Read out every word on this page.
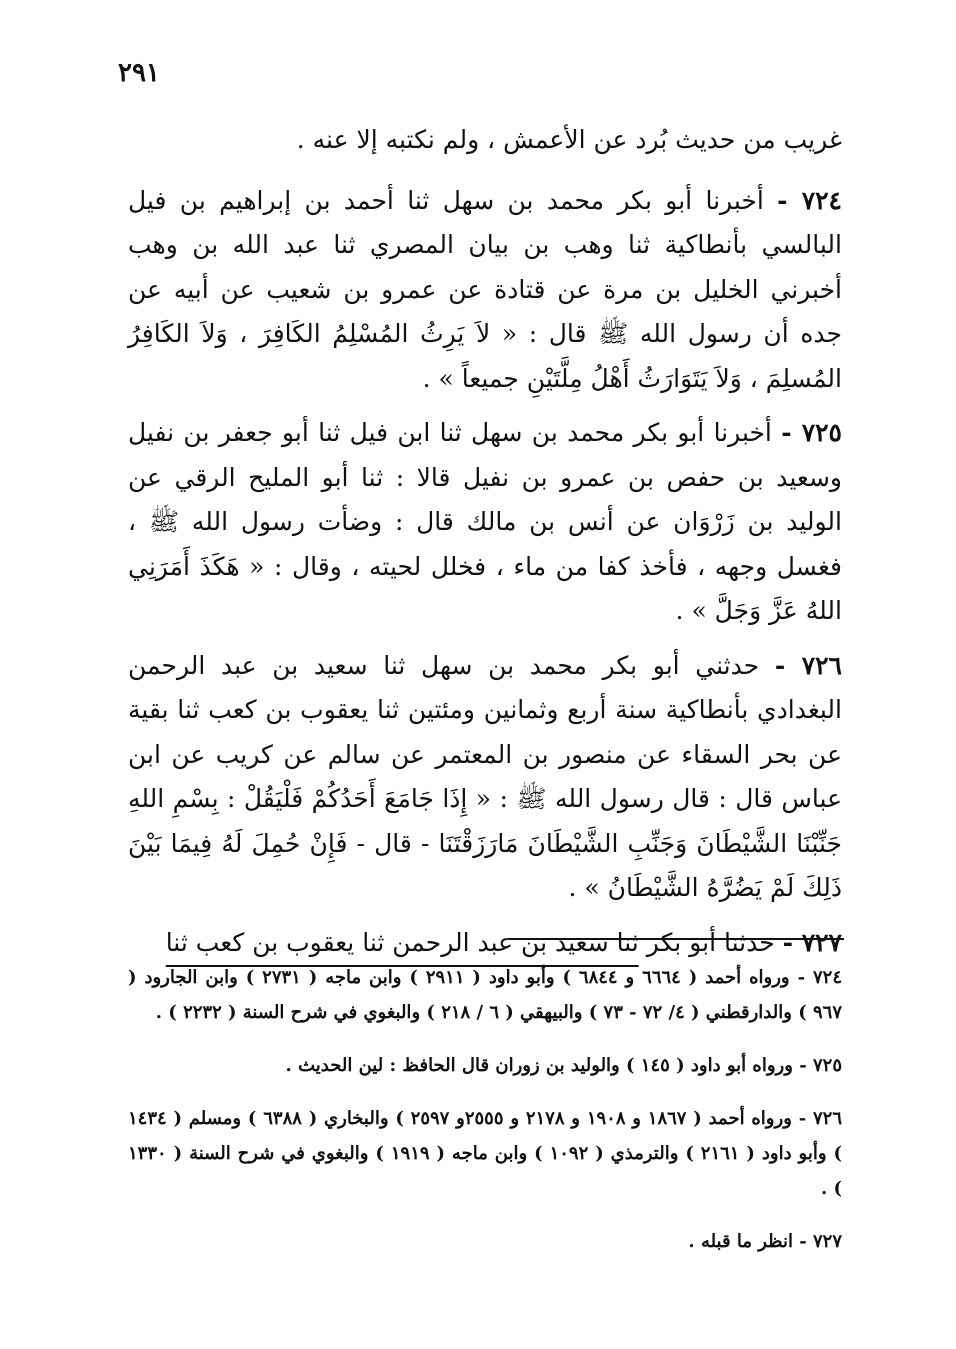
٢٩١

غريب من حديث بُرد عن الأعمش ، ولم نكتبه إلا عنه .

٧٢٤ - أخبرنا أبو بكر محمد بن سهل ثنا أحمد بن إبراهيم بن فيل البالسي بأنطاكية ثنا وهب بن بيان المصري ثنا عبد الله بن وهب أخبرني الخليل بن مرة عن قتادة عن عمرو بن شعيب عن أبيه عن جده أن رسول الله ﷺ قال : « لاَ يَرِثُ المُسْلِمُ الكَافِرَ ، وَلاَ الكَافِرُ المُسلِمَ ، وَلاَ يَتَوَارَثُ أَهْلُ مِلَّتَيْنِ جميعاً » .

٧٢٥ - أخبرنا أبو بكر محمد بن سهل ثنا ابن فيل ثنا أبو جعفر بن نفيل وسعيد بن حفص بن عمرو بن نفيل قالا : ثنا أبو المليح الرقي عن الوليد بن زَرْوَان عن أنس بن مالك قال : وضأت رسول الله ﷺ ، فغسل وجهه ، فأخذ كفا من ماء ، فخلل لحيته ، وقال : « هَكَذَ أَمَرَنِي اللهُ عَزَّ وَجَلَّ » .

٧٢٦ - حدثني أبو بكر محمد بن سهل ثنا سعيد بن عبد الرحمن البغدادي بأنطاكية سنة أربع وثمانين ومئتين ثنا يعقوب بن كعب ثنا بقية عن بحر السقاء عن منصور بن المعتمر عن سالم عن كريب عن ابن عباس قال : قال رسول الله ﷺ : « إِذَا جَامَعَ أَحَدُكُمْ فَلْيَقُلْ : بِسْمِ اللهِ جَنِّبْنَا الشَّيْطَانَ وَجَنِّبِ الشَّيْطَانَ مَارَزَقْتَنَا - قال - فَإِنْ حُمِلَ لَهُ فِيمَا بَيْنَ ذَلِكَ لَمْ يَضُرَّهُ الشَّيْطَانُ » .

٧٢٧ - حدثنا أبو بكر ثنا سعيد بن عبد الرحمن ثنا يعقوب بن كعب ثنا

٧٢٤ - ورواه أحمد ( ٦٦٦٤ و ٦٨٤٤ ) وأبو داود ( ٢٩١١ ) وابن ماجه ( ٢٧٣١ ) وابن الجارود ( ٩٦٧ ) والدارقطني ( ٤/ ٧٢ - ٧٣ ) والبيهقي ( ٦ / ٢١٨ ) والبغوي في شرح السنة ( ٢٢٣٢ ) .

٧٢٥ - ورواه أبو داود ( ١٤٥ ) والوليد بن زوران قال الحافظ : لين الحديث .

٧٢٦ - ورواه أحمد ( ١٨٦٧ و ١٩٠٨ و ٢١٧٨ و ٢٥٥٥و ٢٥٩٧ ) والبخاري ( ٦٣٨٨ ) ومسلم ( ١٤٣٤ ) وأبو داود ( ٢١٦١ ) والترمذي ( ١٠٩٢ ) وابن ماجه ( ١٩١٩ ) والبغوي في شرح السنة ( ١٣٣٠ ) .

٧٢٧ - انظر ما قبله .
